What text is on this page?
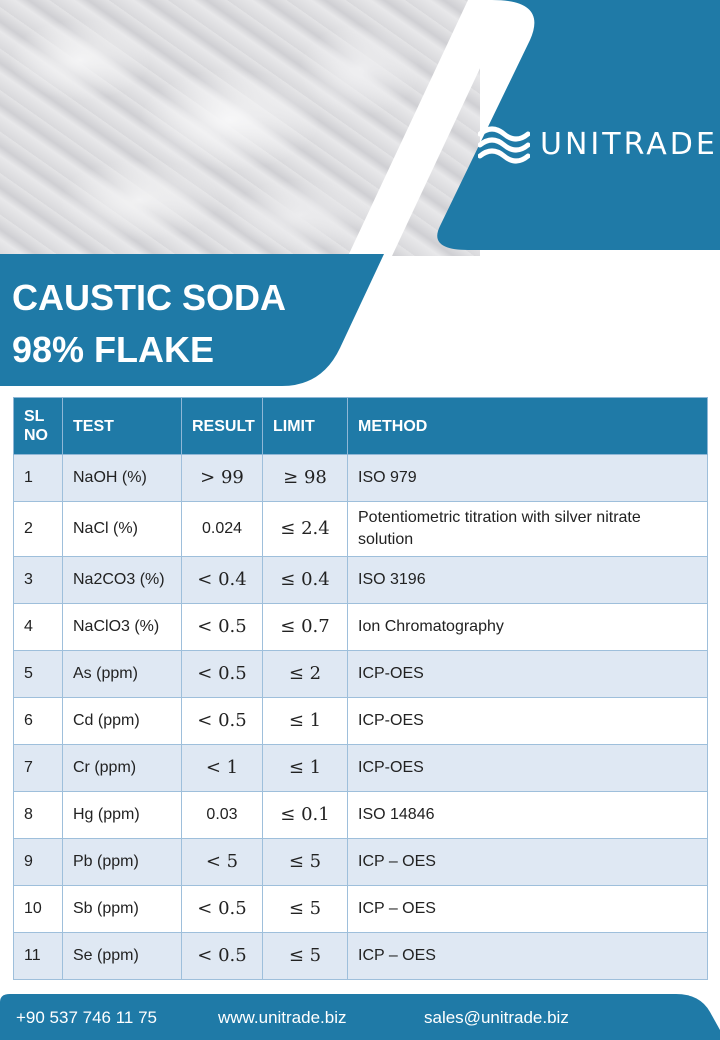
UNITRADE
CAUSTIC SODA
98% FLAKE
SL NO	TEST	RESULT	LIMIT	METHOD
1	NaOH (%)	> 99	≥ 98	ISO 979
2	NaCl (%)	0.024	≤ 2.4	Potentiometric titration with silver nitrate solution
3	Na2CO3 (%)	< 0.4	≤ 0.4	ISO 3196
4	NaClO3 (%)	< 0.5	≤ 0.7	Ion Chromatography
5	As (ppm)	< 0.5	≤ 2	ICP-OES
6	Cd (ppm)	< 0.5	≤ 1	ICP-OES
7	Cr (ppm)	< 1	≤ 1	ICP-OES
8	Hg (ppm)	0.03	≤ 0.1	ISO 14846
9	Pb (ppm)	< 5	≤ 5	ICP – OES
10	Sb (ppm)	< 0.5	≤ 5	ICP – OES
11	Se (ppm)	< 0.5	≤ 5	ICP – OES
+90 537 746 11 75	www.unitrade.biz	sales@unitrade.biz
